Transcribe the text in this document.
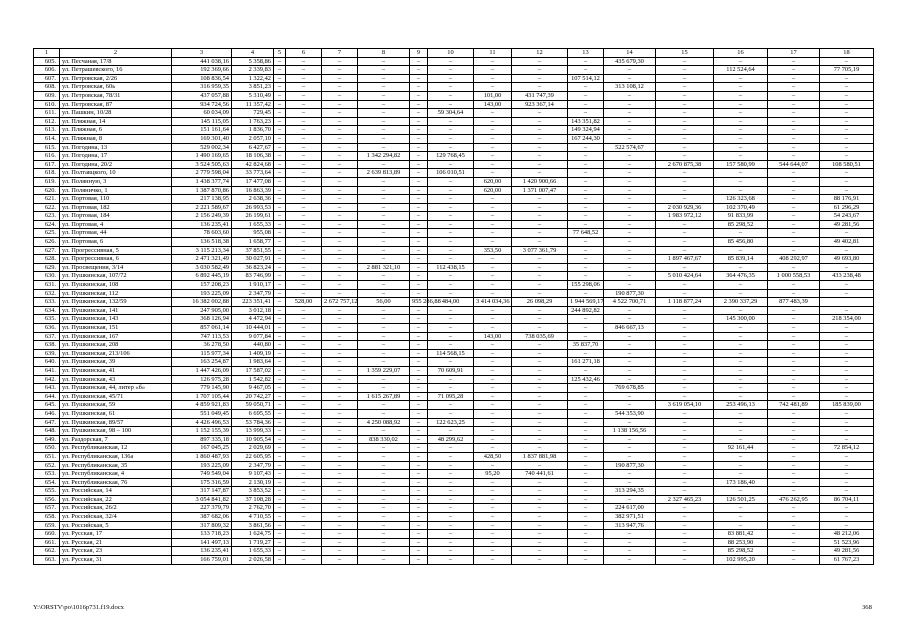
1	2	3	4	5	6	7	8	9	10	11	12	13	14	15	16	17	18
605.	ул. Песчаная, 17/8	441 038,16	5 358,86	–	–	–	–	–	–	–	–	–	435 679,30	–	–	–	–
606.	ул. Петрашевского, 16	192 369,66	2 339,83	–	–	–	–	–	–	–	–	–	–	–	112 524,64	–	77 705,19
607.	ул. Петровская, 2/26	108 836,54	1 322,42	–	–	–	–	–	–	–	–	107 514,12	–	–	–	–	–
608.	ул. Петровская, 60ь	316 959,35	3 851,23	–	–	–	–	–	–	–	–	–	313 108,12	–	–	–	–
609.	ул. Петровская, 78/31	437 057,88	5 310,49	–	–	–	–	–	–	101,00	431 747,39	–	–	–	–	–	–
610.	ул. Петровская, 87	934 724,56	11 357,42	–	–	–	–	–	–	143,00	923 367,14	–	–	–	–	–	–
611.	ул. Пашкин, 10/28	60 034,09	729,45	–	–	–	–	–	59 304,64	–	–	–	–	–	–	–	–
612.	ул. Пляжная, 14	145 115,05	1 763,23	–	–	–	–	–	–	–	–	143 351,82	–	–	–	–	–
613.	ул. Пляжная, 6	151 161,64	1 836,70	–	–	–	–	–	–	–	–	149 324,94	–	–	–	–	–
614.	ул. Пляжная, 8	169 301,40	2 057,10	–	–	–	–	–	–	–	–	167 244,30	–	–	–	–	–
615.	ул. Погодина, 13	529 002,34	6 427,67	–	–	–	–	–	–	–	–	–	522 574,67	–	–	–	–
616.	ул. Погодина, 17	1 490 169,65	18 106,38	–	–	–	1 342 294,82	–	129 768,45	–	–	–	–	–	–	–	–
617.	ул. Погодина, 20/2	3 524 505,63	42 824,68	–	–	–	–	–	–	–	–	–	–	2 670 875,38	157 580,99	544 644,07	108 580,51
618.	ул. Полтавцкого, 10	2 779 598,04	33 773,64	–	–	–	2 639 813,89	–	106 010,51	–	–	–	–	–	–	–	–
619.	ул. Полянную, 3	1 438 377,74	17 477,08	–	–	–	–	–	–	620,00	1 420 900,66	–	–	–	–	–	–
620.	ул. Поляничко, 1	1 387 870,86	16 863,39	–	–	–	–	–	–	620,00	1 371 007,47	–	–	–	–	–	–
621.	ул. Портовая, 110	217 138,95	2 638,36	–	–	–	–	–	–	–	–	–	–	–	126 323,68	–	88 176,91
622.	ул. Портовая, 182	2 221 589,67	26 993,53	–	–	–	–	–	–	–	–	–	–	2 030 929,36	102 370,49	–	61 296,29
623.	ул. Портовая, 184	2 156 249,39	26 199,61	–	–	–	–	–	–	–	–	–	–	1 983 972,12	91 833,99	–	54 243,67
624.	ул. Портовая, 4	136 235,41	1 655,33	–	–	–	–	–	–	–	–	–	–	–	85 298,52	–	49 281,56
625.	ул. Портовая, 44	78 603,60	955,08	–	–	–	–	–	–	–	–	77 648,52	–	–	–	–	–
626.	ул. Портовая, 6	136 518,38	1 658,77	–	–	–	–	–	–	–	–	–	–	–	85 456,80	–	49 402,81
627.	ул. Прогрессивная, 5	3 115 213,34	37 851,55	–	–	–	–	–	–	353,50	3 077 361,79	–	–	–	–	–	–
628.	ул. Прогрессивная, 6	2 471 321,49	30 027,91	–	–	–	–	–	–	–	–	–	–	1 897 467,67	85 839,14	408 292,97	49 693,80
629.	ул. Просвещения, 3/14	3 030 582,49	36 823,24	–	–	–	2 881 321,10	–	112 438,15	–	–	–	–	–	–	–	–
630.	ул. Пушкинская, 107/72	6 892 445,19	83 746,99	–	–	–	–	–	–	–	–	–	–	5 010 424,64	364 476,35	1 000 558,53	433 238,48
631.	ул. Пушкинская, 108	157 208,23	1 910,17	–	–	–	–	–	–	–	–	155 298,06	–	–	–	–	–
632.	ул. Пушкинская, 112	193 225,09	2 347,79	–	–	–	–	–	–	–	–	–	190 877,30	–	–	–	–
633.	ул. Пушкинская, 132/59	16 382 002,88	223 351,41	–	528,00	2 672 757,12	56,00	955 286,88	484,00	3 414 034,36	26 098,29	1 944 569,17	4 522 700,71	1 118 877,24	2 390 337,29	877 483,39	
634.	ул. Пушкинская, 141	247 905,00	3 012,18	–	–	–	–	–	–	–	–	244 892,82	–	–	–	–	–
635.	ул. Пушкинская, 143	368 126,94	4 472,94	–	–	–	–	–	–	–	–	–	–	–	145 300,00	–	218 354,00
636.	ул. Пушкинская, 151	857 061,14	10 444,01	–	–	–	–	–	–	–	–	–	846 667,13	–	–	–	–
637.	ул. Пушкинская, 167	747 113,53	9 077,84	–	–	–	–	–	–	143,00	738 035,69	–	–	–	–	–	–
638.	ул. Пушкинская, 208	36 278,50	440,80	–	–	–	–	–	–	–	–	35 837,70	–	–	–	–	–
639.	ул. Пушкинская, 213/106	115 977,34	1 409,19	–	–	–	–	–	114 568,15	–	–	–	–	–	–	–	–
640.	ул. Пушкинская, 39	163 254,87	1 983,64	–	–	–	–	–	–	–	–	161 271,18	–	–	–	–	–
641.	ул. Пушкинская, 41	1 447 426,09	17 587,02	–	–	–	1 359 229,07	–	70 609,91	–	–	–	–	–	–	–	–
642.	ул. Пушкинская, 43	126 975,28	1 542,82	–	–	–	–	–	–	–	–	125 432,46	–	–	–	–	–
643.	ул. Пушкинская, 44, литер «б»	779 145,90	9 467,05	–	–	–	–	–	–	–	–	–	769 678,85	–	–	–	–
644.	ул. Пушкинская, 45/71	1 707 105,44	20 742,27	–	–	–	1 615 267,89	–	71 095,28	–	–	–	–	–	–	–	–
645.	ул. Пушкинская, 59	4 859 921,83	59 050,71	–	–	–	–	–	–	–	–	–	–	3 619 054,10	253 496,13	742 481,89	185 839,00
646.	ул. Пушкинская, 61	551 049,45	6 695,55	–	–	–	–	–	–	–	–	–	544 353,90	–	–	–	–
647.	ул. Пушкинская, 89/57	4 426 496,53	53 784,36	–	–	–	4 250 088,92	–	122 623,25	–	–	–	–	–	–	–	–
648.	ул. Пушкинская, 98 – 100	1 152 155,39	13 999,33	–	–	–	–	–	–	–	–	–	1 138 156,56	–	–	–	–
649.	ул. Раздорская, 7	897 335,18	10 905,54	–	–	–	838 330,02	–	48 299,62	–	–	–	–	–	–	–	–
650.	ул. Республиканская, 12	167 045,25	2 029,69	–	–	–	–	–	–	–	–	–	–	–	92 161,44	–	72 854,12
651.	ул. Республиканская, 136а	1 860 487,93	22 605,95	–	–	–	–	–	–	428,50	1 837 881,98	–	–	–	–	–	–
652.	ул. Республиканская, 35	193 225,09	2 347,79	–	–	–	–	–	–	–	–	–	190 877,30	–	–	–	–
653.	ул. Республиканская, 4	749 549,04	9 107,43	–	–	–	–	–	–	95,20	740 441,61	–	–	–	–	–	–
654.	ул. Республиканская, 76	175 316,59	2 130,19	–	–	–	–	–	–	–	–	–	–	–	173 186,40	–	–
655.	ул. Российская, 14	317 147,87	3 853,52	–	–	–	–	–	–	–	–	–	313 294,35	–	–	–	–
656.	ул. Российская, 22	3 054 841,82	37 108,28	–	–	–	–	–	–	–	–	–	–	2 327 465,23	126 501,25	476 262,95	86 704,11
657.	ул. Российская, 26/2	227 379,79	2 762,70	–	–	–	–	–	–	–	–	–	224 617,00	–	–	–	–
658.	ул. Российская, 32/4	387 682,06	4 710,55	–	–	–	–	–	–	–	–	–	382 971,51	–	–	–	–
659.	ул. Российская, 5	317 809,32	3 861,56	–	–	–	–	–	–	–	–	–	313 947,76	–	–	–	–
660.	ул. Русская, 17	133 718,23	1 624,75	–	–	–	–	–	–	–	–	–	–	–	83 881,42	–	48 212,06
661.	ул. Русская, 21	141 497,13	1 719,27	–	–	–	–	–	–	–	–	–	–	–	88 253,90	–	51 523,96
662.	ул. Русская, 23	136 235,41	1 655,33	–	–	–	–	–	–	–	–	–	–	–	85 298,52	–	49 281,56
663.	ул. Русская, 31	166 759,01	2 026,58	–	–	–	–	–	–	–	–	–	–	–	102 995,20	–	61 767,23
Y:\ORSTV\po\1016p731.f19.docx	368
